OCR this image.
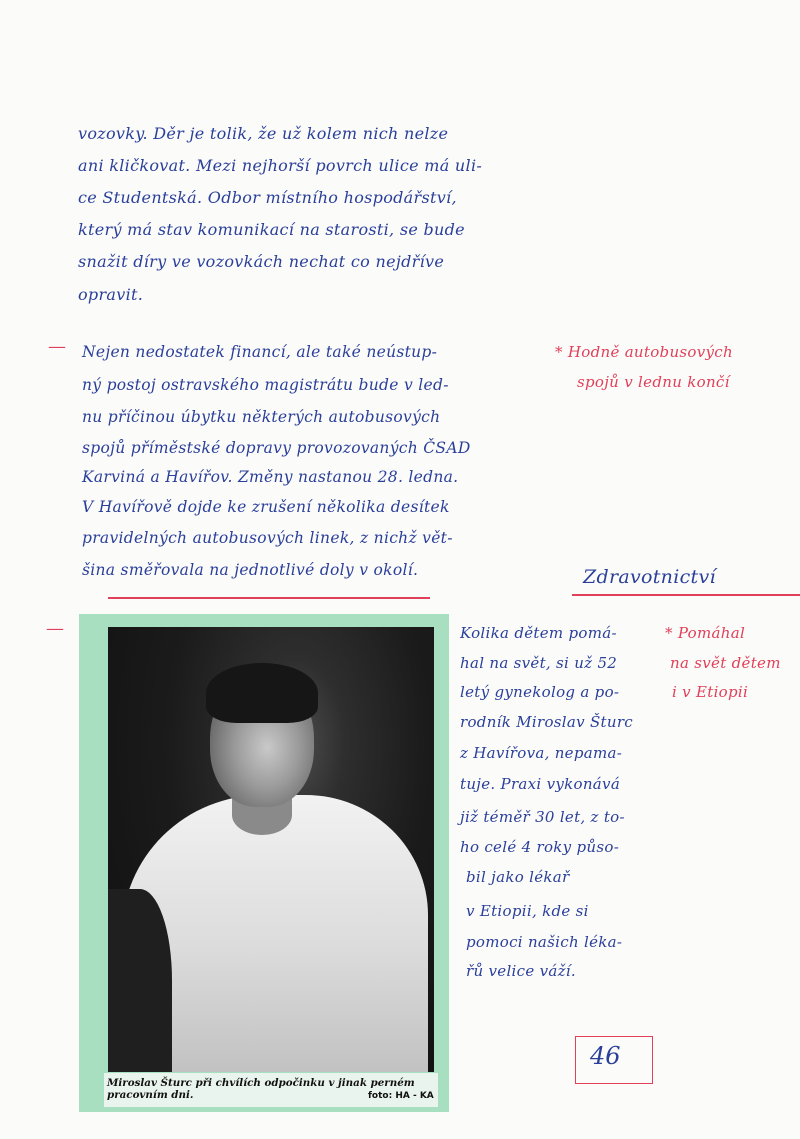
vozovky. Děr je tolik, že už kolem nich nelze
ani kličkovat. Mezi nejhorší povrch ulice má uli-
ce Studentská. Odbor místního hospodářství,
který má stav komunikací na starosti, se bude
snažit díry ve vozovkách nechat co nejdříve
opravit.
— Nejen nedostatek financí, ale také neústup-
ný postoj ostravského magistrátu bude v led-
nu příčinou úbytku některých autobusových
spojů příměstské dopravy provozovaných ČSAD
Karviná a Havířov. Změny nastanou 28. ledna.
V Havířově dojde ke zrušení několika desítek
pravidelných autobusových linek, z nichž vět-
šina směřovala na jednotlivé doly v okolí.
* Hodně autobusových
spojů v lednu končí
Zdravotnictví
—
Miroslav Šturc při chvílích odpočinku v jinak perném pracovním dni.	foto: HA - KA
Kolika dětem pomá-
hal na svět, si už 52
letý gynekolog a po-
rodník Miroslav Šturc
z Havířova, nepama-
tuje. Praxi vykonává
již téměř 30 let, z to-
ho celé 4 roky půso-
bil jako lékař
v Etiopii, kde si
pomoci našich léka-
řů velice váží.
* Pomáhal
na svět dětem
i v Etiopii
46
